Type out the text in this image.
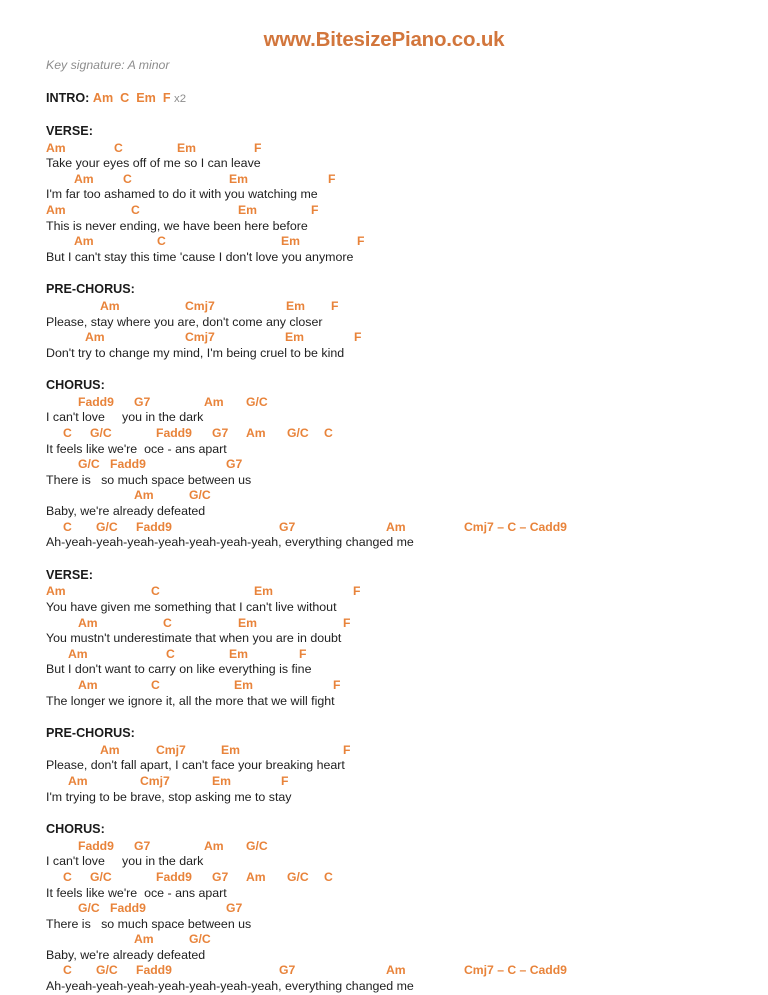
www.BitesizePiano.co.uk
Key signature: A minor
INTRO: Am  C  Em  F x2
VERSE:
Am	C	Em	F
Take your eyes off of me so I can leave
Am C	Em	F
I'm far too ashamed to do it with you watching me
Am	C	Em	F
This is never ending, we have been here before
Am	C	Em	F
But I can't stay this time 'cause I don't love you anymore
PRE-CHORUS:
Am	Cmj7	Em F
Please, stay where you are, don't come any closer
Am	Cmj7	Em	F
Don't try to change my mind, I'm being cruel to be kind
CHORUS:
Fadd9 G7	Am G/C
I can't love     you in the dark
C G/C	Fadd9 G7 Am G/C C
It feels like we're  oce - ans apart
G/C Fadd9	G7
There is   so much space between us
Am	G/C
Baby, we're already defeated
C G/C Fadd9	G7	Am	Cmj7 – C – Cadd9
Ah-yeah-yeah-yeah-yeah-yeah-yeah-yeah, everything changed me
VERSE:
Am	C	Em	F
You have given me something that I can't live without
Am	C	Em	F
You mustn't underestimate that when you are in doubt
Am	C	Em	F
But I don't want to carry on like everything is fine
Am	C	Em	F
The longer we ignore it, all the more that we will fight
PRE-CHORUS:
Am	Cmj7	Em	F
Please, don't fall apart, I can't face your breaking heart
Am	Cmj7	Em	F
I'm trying to be brave, stop asking me to stay
CHORUS:
Fadd9 G7	Am G/C
I can't love     you in the dark
C G/C	Fadd9 G7 Am G/C C
It feels like we're  oce - ans apart
G/C Fadd9	G7
There is   so much space between us
Am	G/C
Baby, we're already defeated
C G/C Fadd9	G7	Am	Cmj7 – C – Cadd9
Ah-yeah-yeah-yeah-yeah-yeah-yeah-yeah, everything changed me
